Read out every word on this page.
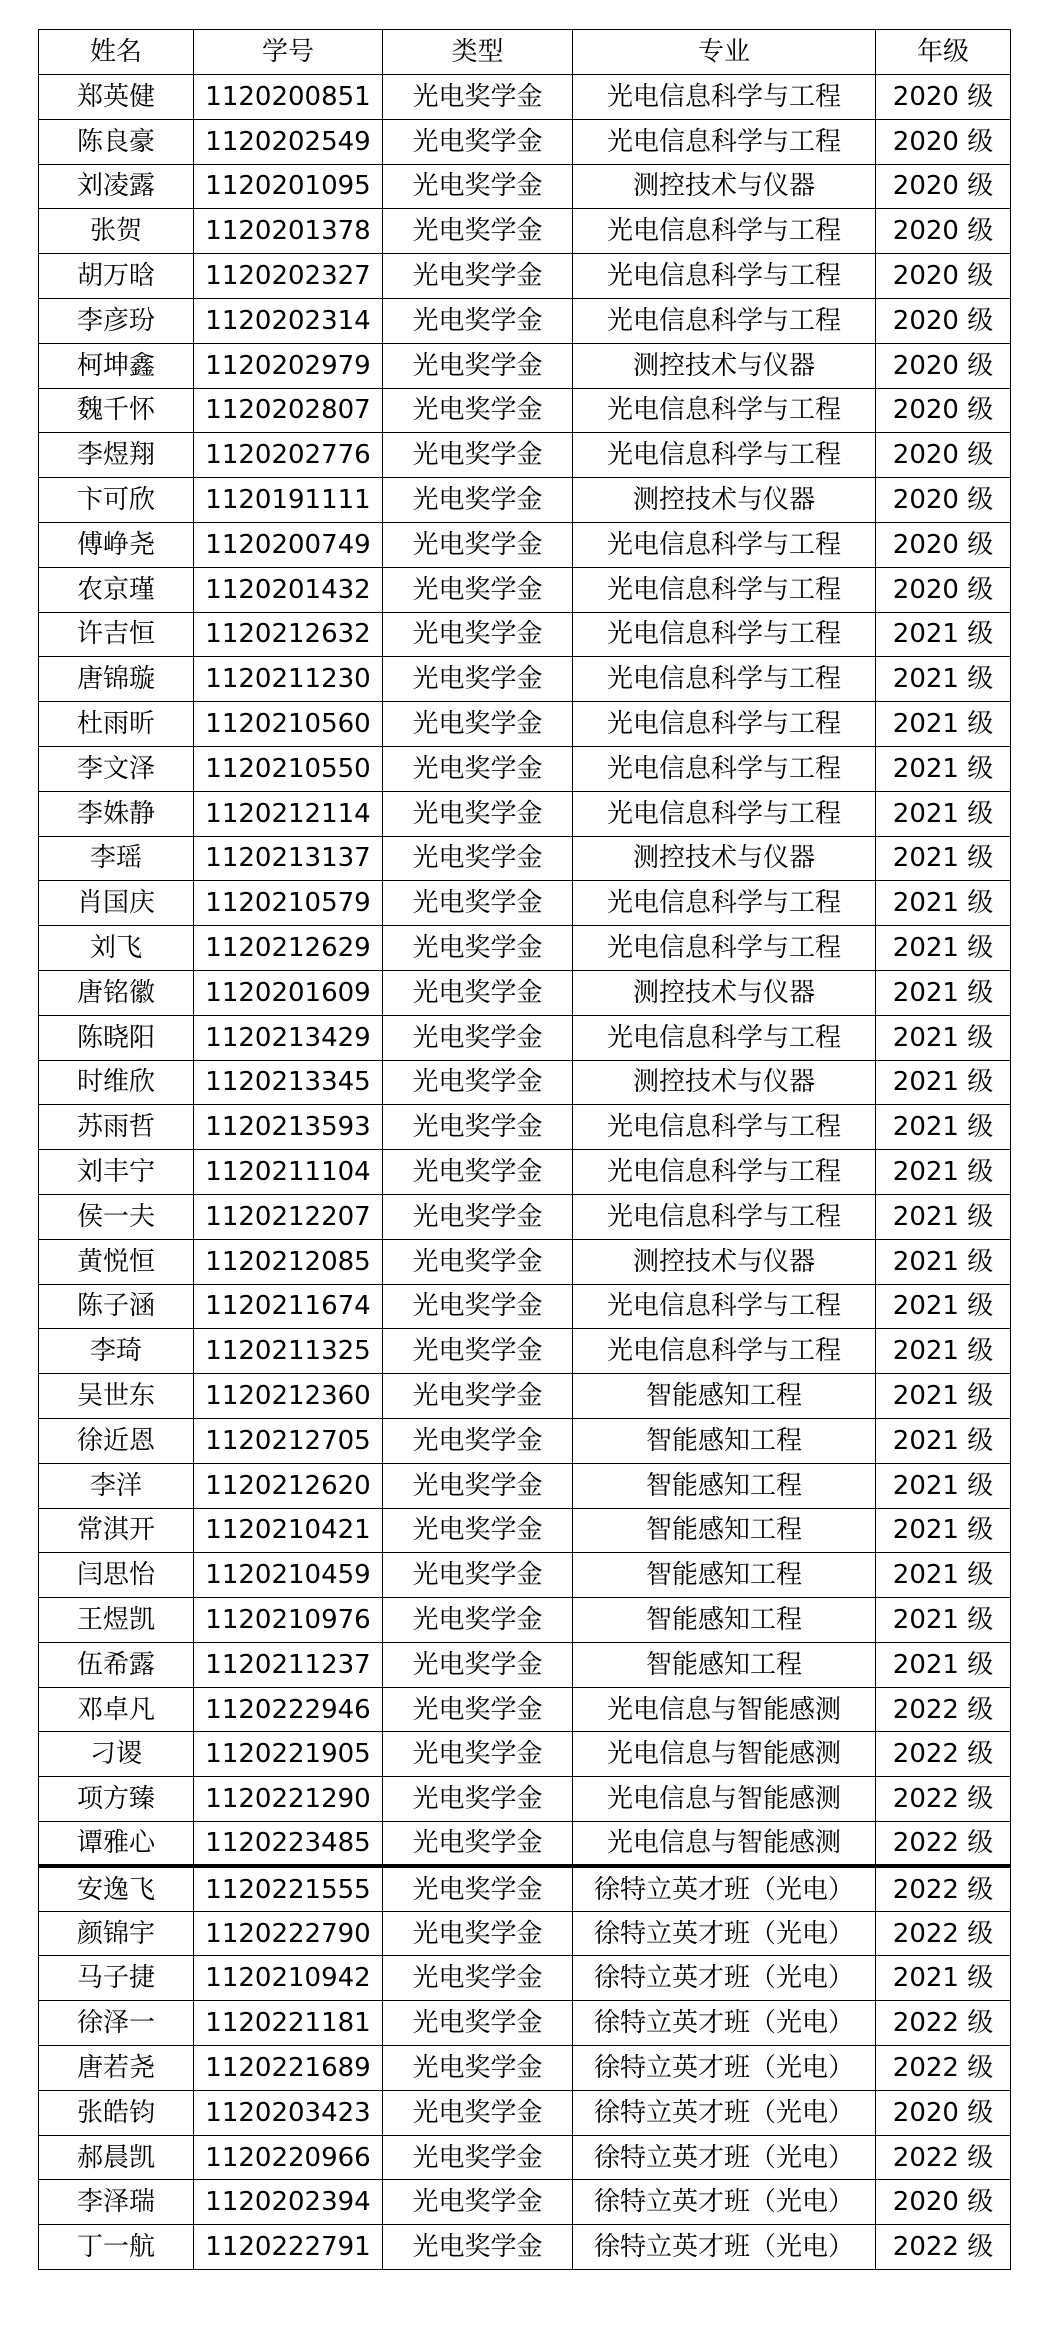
姓名	学号	类型	专业	年级
郑英健	1120200851	光电奖学金	光电信息科学与工程	2020 级
陈良豪	1120202549	光电奖学金	光电信息科学与工程	2020 级
刘凌露	1120201095	光电奖学金	测控技术与仪器	2020 级
张贺	1120201378	光电奖学金	光电信息科学与工程	2020 级
胡万晗	1120202327	光电奖学金	光电信息科学与工程	2020 级
李彦玢	1120202314	光电奖学金	光电信息科学与工程	2020 级
柯坤鑫	1120202979	光电奖学金	测控技术与仪器	2020 级
魏千怀	1120202807	光电奖学金	光电信息科学与工程	2020 级
李煜翔	1120202776	光电奖学金	光电信息科学与工程	2020 级
卞可欣	1120191111	光电奖学金	测控技术与仪器	2020 级
傅峥尧	1120200749	光电奖学金	光电信息科学与工程	2020 级
农京瑾	1120201432	光电奖学金	光电信息科学与工程	2020 级
许吉恒	1120212632	光电奖学金	光电信息科学与工程	2021 级
唐锦璇	1120211230	光电奖学金	光电信息科学与工程	2021 级
杜雨昕	1120210560	光电奖学金	光电信息科学与工程	2021 级
李文泽	1120210550	光电奖学金	光电信息科学与工程	2021 级
李姝静	1120212114	光电奖学金	光电信息科学与工程	2021 级
李瑶	1120213137	光电奖学金	测控技术与仪器	2021 级
肖国庆	1120210579	光电奖学金	光电信息科学与工程	2021 级
刘飞	1120212629	光电奖学金	光电信息科学与工程	2021 级
唐铭徽	1120201609	光电奖学金	测控技术与仪器	2021 级
陈晓阳	1120213429	光电奖学金	光电信息科学与工程	2021 级
时维欣	1120213345	光电奖学金	测控技术与仪器	2021 级
苏雨哲	1120213593	光电奖学金	光电信息科学与工程	2021 级
刘丰宁	1120211104	光电奖学金	光电信息科学与工程	2021 级
侯一夫	1120212207	光电奖学金	光电信息科学与工程	2021 级
黄悦恒	1120212085	光电奖学金	测控技术与仪器	2021 级
陈子涵	1120211674	光电奖学金	光电信息科学与工程	2021 级
李琦	1120211325	光电奖学金	光电信息科学与工程	2021 级
吴世东	1120212360	光电奖学金	智能感知工程	2021 级
徐近恩	1120212705	光电奖学金	智能感知工程	2021 级
李洋	1120212620	光电奖学金	智能感知工程	2021 级
常淇开	1120210421	光电奖学金	智能感知工程	2021 级
闫思怡	1120210459	光电奖学金	智能感知工程	2021 级
王煜凯	1120210976	光电奖学金	智能感知工程	2021 级
伍希露	1120211237	光电奖学金	智能感知工程	2021 级
邓卓凡	1120222946	光电奖学金	光电信息与智能感测	2022 级
刁谡	1120221905	光电奖学金	光电信息与智能感测	2022 级
项方臻	1120221290	光电奖学金	光电信息与智能感测	2022 级
谭雅心	1120223485	光电奖学金	光电信息与智能感测	2022 级
安逸飞	1120221555	光电奖学金	徐特立英才班（光电）	2022 级
颜锦宇	1120222790	光电奖学金	徐特立英才班（光电）	2022 级
马子捷	1120210942	光电奖学金	徐特立英才班（光电）	2021 级
徐泽一	1120221181	光电奖学金	徐特立英才班（光电）	2022 级
唐若尧	1120221689	光电奖学金	徐特立英才班（光电）	2022 级
张皓钧	1120203423	光电奖学金	徐特立英才班（光电）	2020 级
郝晨凯	1120220966	光电奖学金	徐特立英才班（光电）	2022 级
李泽瑞	1120202394	光电奖学金	徐特立英才班（光电）	2020 级
丁一航	1120222791	光电奖学金	徐特立英才班（光电）	2022 级
